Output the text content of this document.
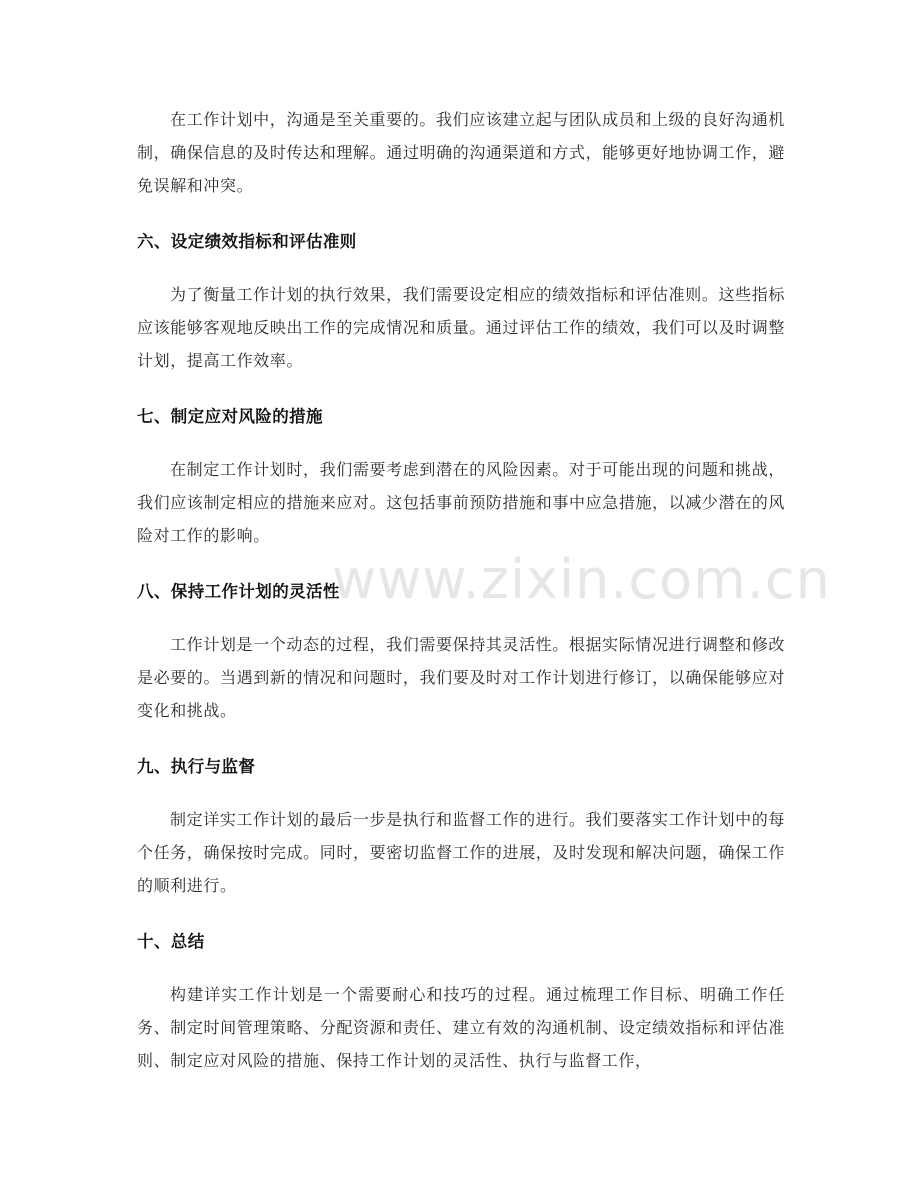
在工作计划中，沟通是至关重要的。我们应该建立起与团队成员和上级的良好沟通机制，确保信息的及时传达和理解。通过明确的沟通渠道和方式，能够更好地协调工作，避免误解和冲突。

六、设定绩效指标和评估准则

为了衡量工作计划的执行效果，我们需要设定相应的绩效指标和评估准则。这些指标应该能够客观地反映出工作的完成情况和质量。通过评估工作的绩效，我们可以及时调整计划，提高工作效率。

七、制定应对风险的措施

在制定工作计划时，我们需要考虑到潜在的风险因素。对于可能出现的问题和挑战，我们应该制定相应的措施来应对。这包括事前预防措施和事中应急措施，以减少潜在的风险对工作的影响。

八、保持工作计划的灵活性

工作计划是一个动态的过程，我们需要保持其灵活性。根据实际情况进行调整和修改是必要的。当遇到新的情况和问题时，我们要及时对工作计划进行修订，以确保能够应对变化和挑战。

九、执行与监督

制定详实工作计划的最后一步是执行和监督工作的进行。我们要落实工作计划中的每个任务，确保按时完成。同时，要密切监督工作的进展，及时发现和解决问题，确保工作的顺利进行。

十、总结

构建详实工作计划是一个需要耐心和技巧的过程。通过梳理工作目标、明确工作任务、制定时间管理策略、分配资源和责任、建立有效的沟通机制、设定绩效指标和评估准则、制定应对风险的措施、保持工作计划的灵活性、执行与监督工作，

www.zixin.com.cn
